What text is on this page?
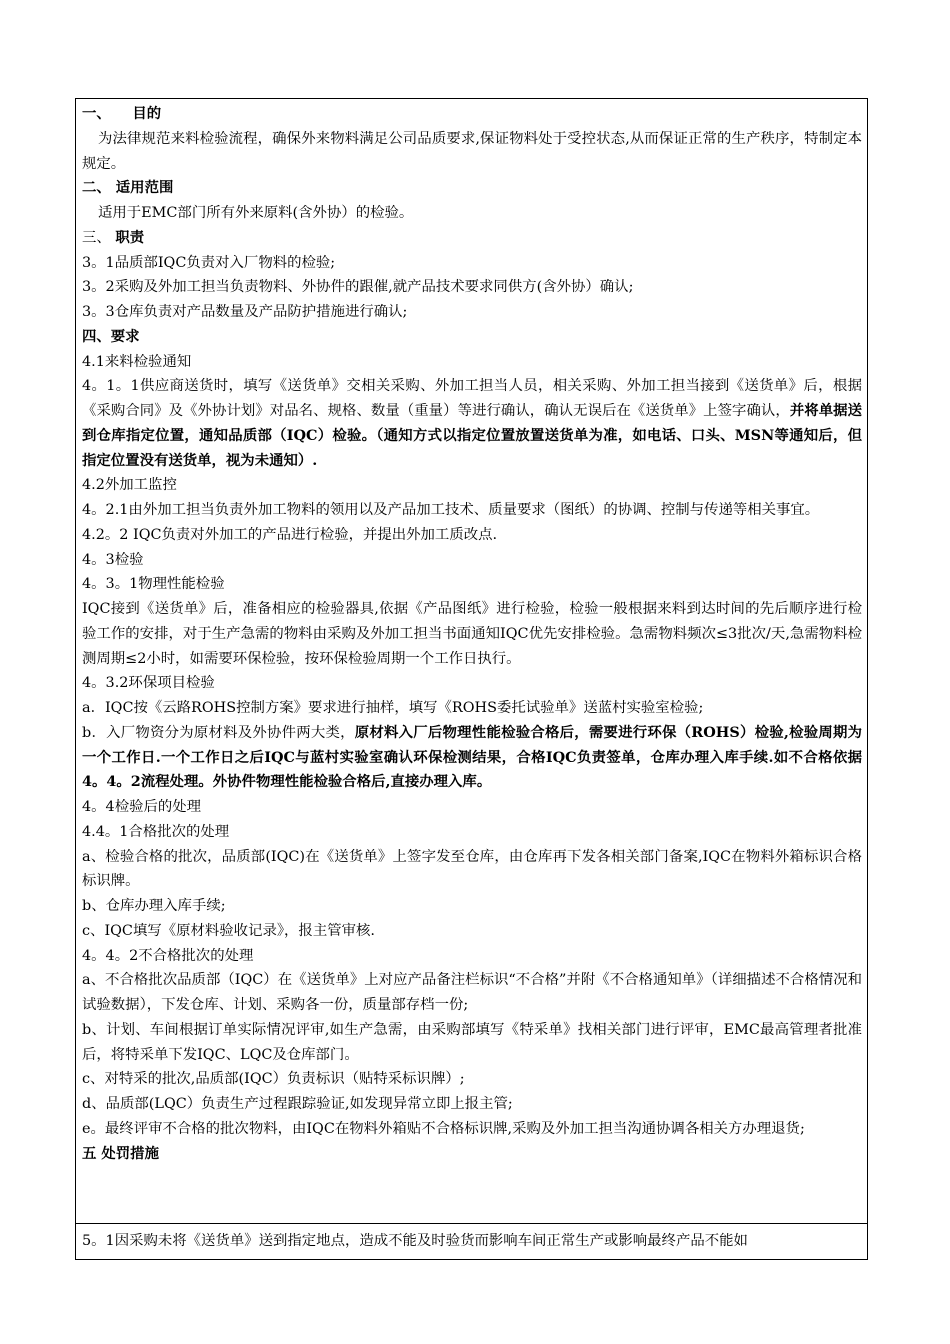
一、　　目的

为法律规范来料检验流程，确保外来物料满足公司品质要求,保证物料处于受控状态,从而保证正常的生产秩序，特制定本规定。

二、 适用范围

适用于EMC部门所有外来原料(含外协）的检验。

三、 职责

3。1品质部IQC负责对入厂物料的检验;

3。2采购及外加工担当负责物料、外协件的跟催,就产品技术要求同供方(含外协）确认;

3。3仓库负责对产品数量及产品防护措施进行确认;

四、要求

4.1来料检验通知

4。1。1供应商送货时，填写《送货单》交相关采购、外加工担当人员，相关采购、外加工担当接到《送货单》后，根据《采购合同》及《外协计划》对品名、规格、数量（重量）等进行确认，确认无误后在《送货单》上签字确认，并将单据送到仓库指定位置，通知品质部（IQC）检验。（通知方式以指定位置放置送货单为准，如电话、口头、MSN等通知后，但指定位置没有送货单，视为未通知）.

4.2外加工监控

4。2.1由外加工担当负责外加工物料的领用以及产品加工技术、质量要求（图纸）的协调、控制与传递等相关事宜。

4.2。2 IQC负责对外加工的产品进行检验，并提出外加工质改点.

4。3检验

4。3。1物理性能检验

IQC接到《送货单》后，准备相应的检验器具,依据《产品图纸》进行检验，检验一般根据来料到达时间的先后顺序进行检验工作的安排，对于生产急需的物料由采购及外加工担当书面通知IQC优先安排检验。急需物料频次≤3批次/天,急需物料检测周期≤2小时，如需要环保检验，按环保检验周期一个工作日执行。

4。3.2环保项目检验

a．IQC按《云路ROHS控制方案》要求进行抽样，填写《ROHS委托试验单》送蓝村实验室检验;

b．入厂物资分为原材料及外协件两大类，原材料入厂后物理性能检验合格后，需要进行环保（ROHS）检验,检验周期为一个工作日.一个工作日之后IQC与蓝村实验室确认环保检测结果，合格IQC负责签单，仓库办理入库手续.如不合格依据4。4。2流程处理。外协件物理性能检验合格后,直接办理入库。

4。4检验后的处理

4.4。1合格批次的处理

a、检验合格的批次，品质部(IQC)在《送货单》上签字发至仓库，由仓库再下发各相关部门备案,IQC在物料外箱标识合格标识牌。

b、仓库办理入库手续;

c、IQC填写《原材料验收记录》，报主管审核.

4。4。2不合格批次的处理

a、不合格批次品质部（IQC）在《送货单》上对应产品备注栏标识“不合格”并附《不合格通知单》（详细描述不合格情况和试验数据），下发仓库、计划、采购各一份，质量部存档一份;

b、计划、车间根据订单实际情况评审,如生产急需，由采购部填写《特采单》找相关部门进行评审，EMC最高管理者批准后，将特采单下发IQC、LQC及仓库部门。

c、对特采的批次,品质部(IQC）负责标识（贴特采标识牌）;

d、品质部(LQC）负责生产过程跟踪验证,如发现异常立即上报主管;

e。最终评审不合格的批次物料，由IQC在物料外箱贴不合格标识牌,采购及外加工担当沟通协调各相关方办理退货;

五 处罚措施

5。1因采购未将《送货单》送到指定地点，造成不能及时验货而影响车间正常生产或影响最终产品不能如
